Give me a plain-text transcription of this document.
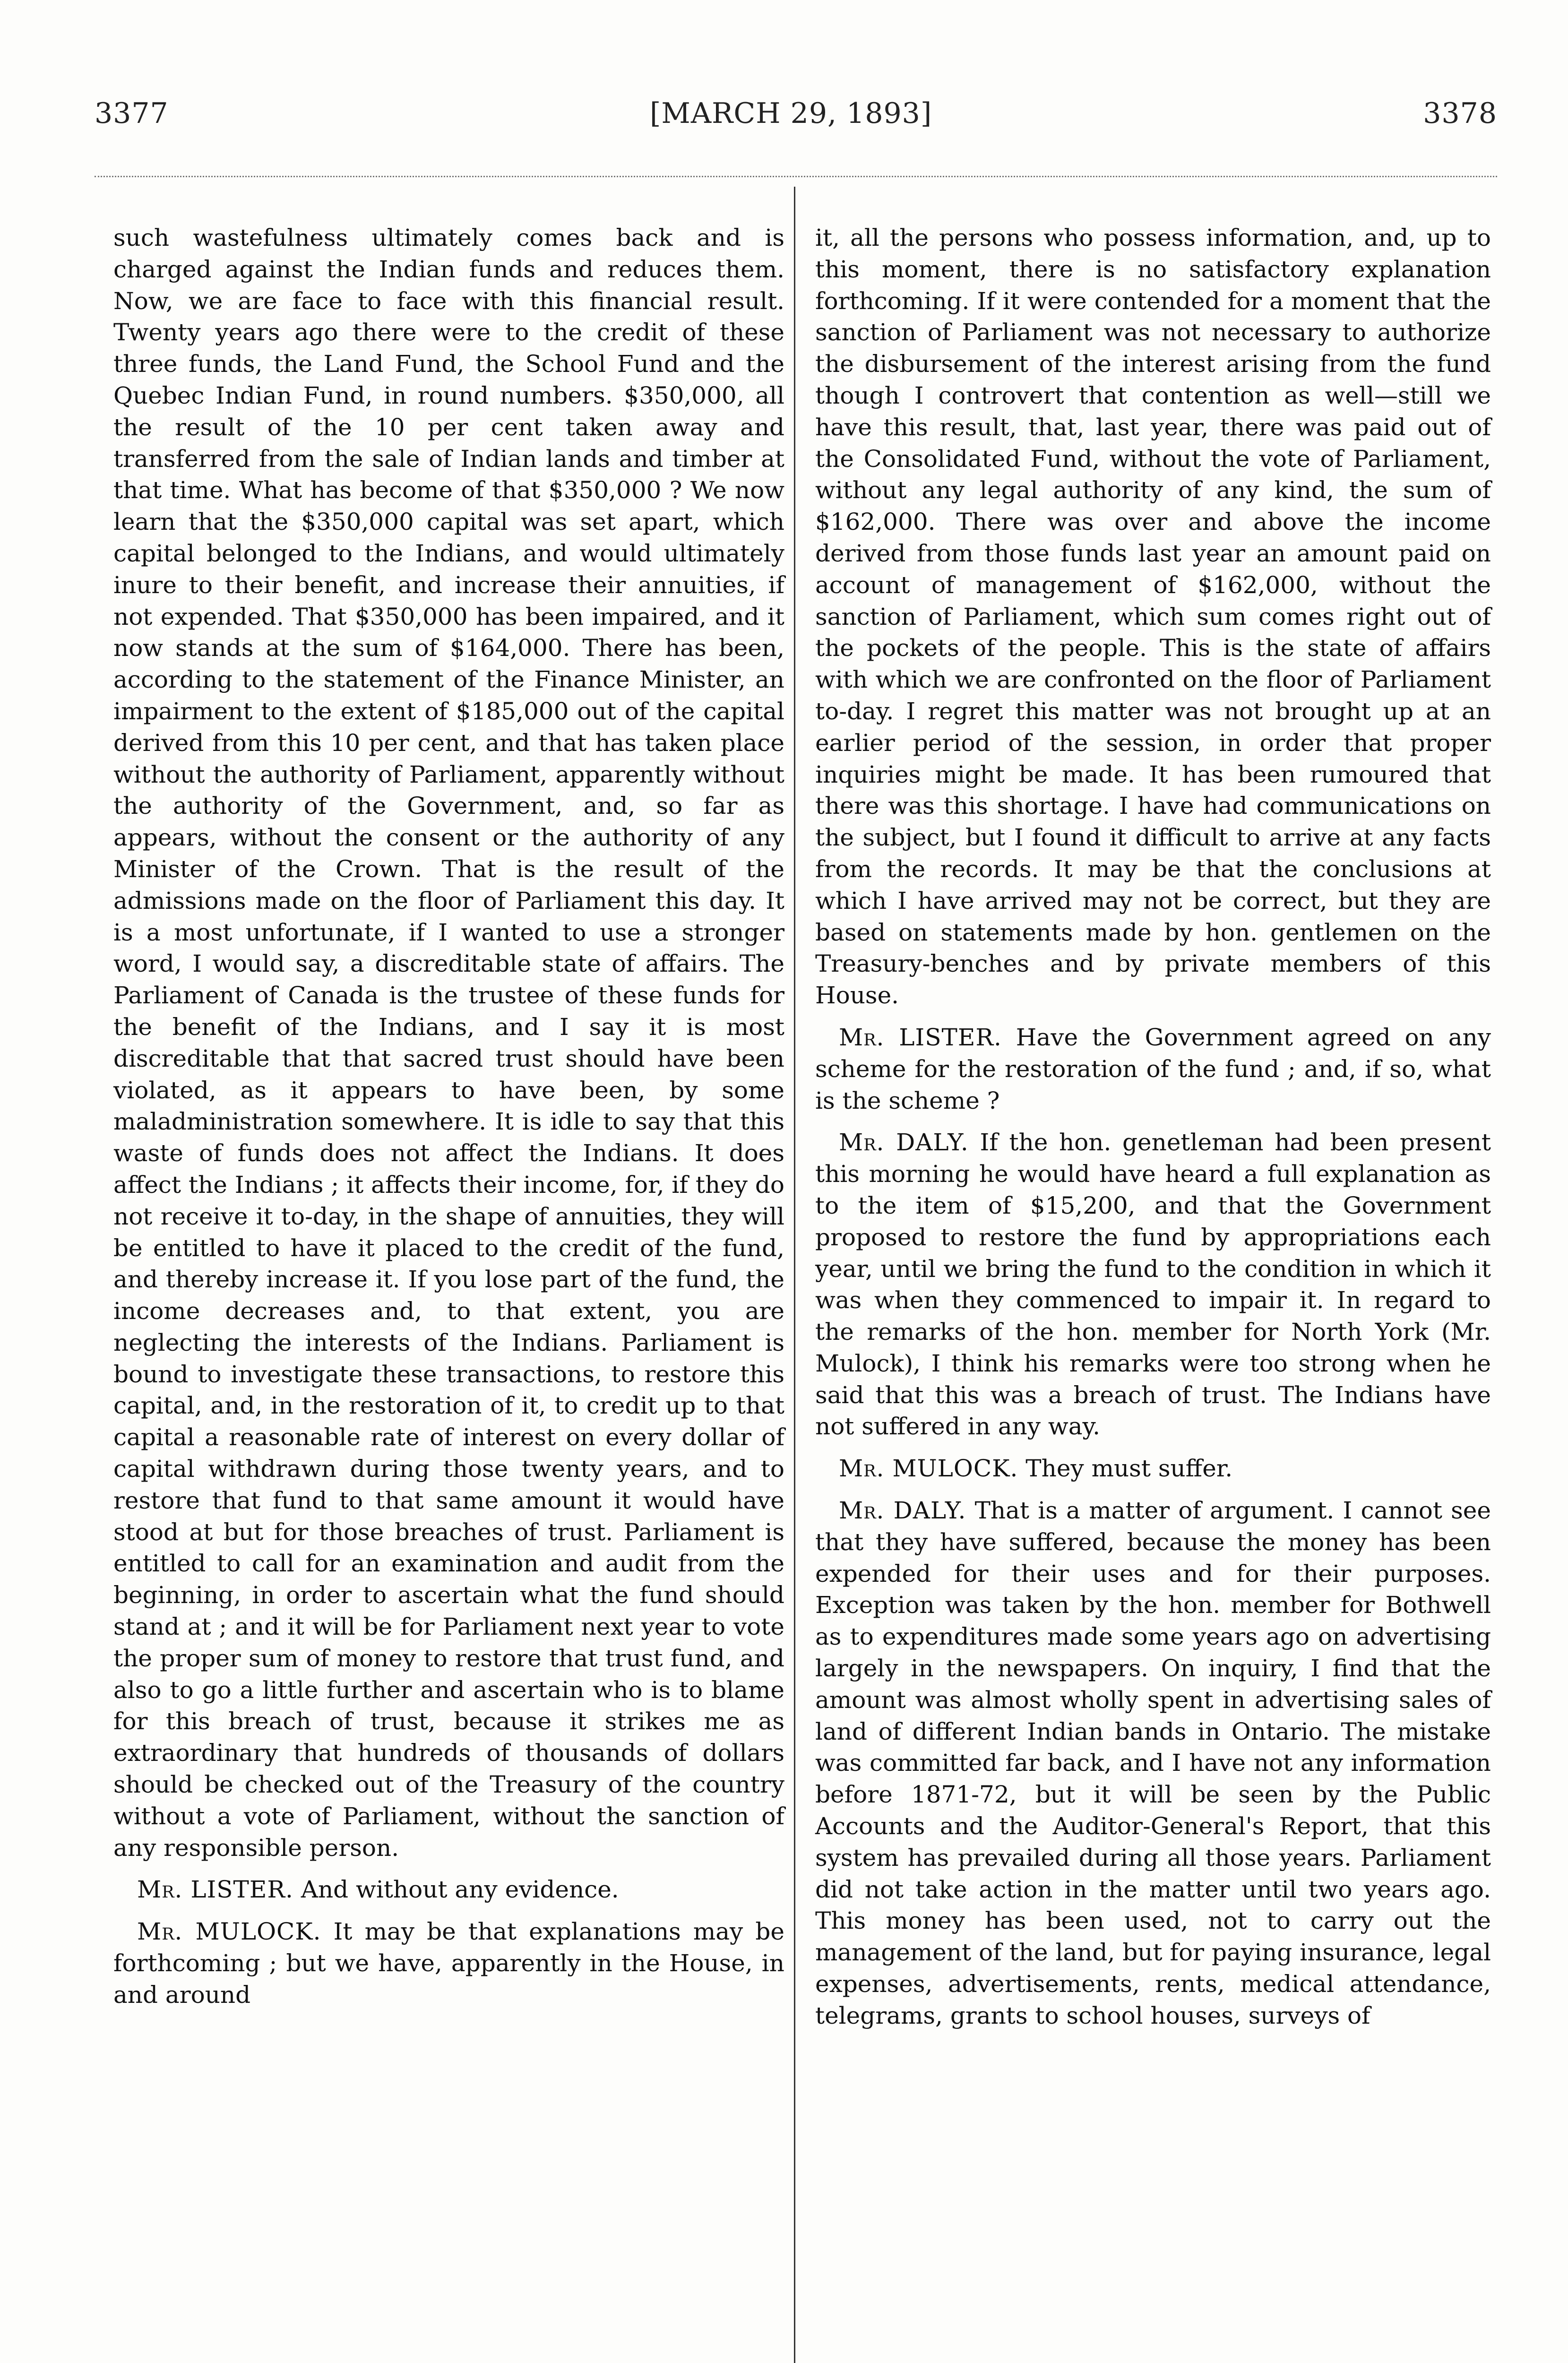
3377	[MARCH 29, 1893]	3378

such wastefulness ultimately comes back and is charged against the Indian funds and reduces them. Now, we are face to face with this financial result. Twenty years ago there were to the credit of these three funds, the Land Fund, the School Fund and the Quebec Indian Fund, in round numbers. $350,000, all the result of the 10 per cent taken away and transferred from the sale of Indian lands and timber at that time. What has become of that $350,000 ? We now learn that the $350,000 capital was set apart, which capital belonged to the Indians, and would ultimately inure to their benefit, and increase their annuities, if not expended. That $350,000 has been impaired, and it now stands at the sum of $164,000. There has been, according to the statement of the Finance Minister, an impairment to the extent of $185,000 out of the capital derived from this 10 per cent, and that has taken place without the authority of Parliament, apparently without the authority of the Government, and, so far as appears, without the consent or the authority of any Minister of the Crown. That is the result of the admissions made on the floor of Parliament this day. It is a most unfortunate, if I wanted to use a stronger word, I would say, a discreditable state of affairs. The Parliament of Canada is the trustee of these funds for the benefit of the Indians, and I say it is most discreditable that that sacred trust should have been violated, as it appears to have been, by some maladministration somewhere. It is idle to say that this waste of funds does not affect the Indians. It does affect the Indians ; it affects their income, for, if they do not receive it to-day, in the shape of annuities, they will be entitled to have it placed to the credit of the fund, and thereby increase it. If you lose part of the fund, the income decreases and, to that extent, you are neglecting the interests of the Indians. Parliament is bound to investigate these transactions, to restore this capital, and, in the restoration of it, to credit up to that capital a reasonable rate of interest on every dollar of capital withdrawn during those twenty years, and to restore that fund to that same amount it would have stood at but for those breaches of trust. Parliament is entitled to call for an examination and audit from the beginning, in order to ascertain what the fund should stand at ; and it will be for Parliament next year to vote the proper sum of money to restore that trust fund, and also to go a little further and ascertain who is to blame for this breach of trust, because it strikes me as extraordinary that hundreds of thousands of dollars should be checked out of the Treasury of the country without a vote of Parliament, without the sanction of any responsible person.

Mr. LISTER. And without any evidence.

Mr. MULOCK. It may be that explanations may be forthcoming ; but we have, apparently in the House, in and around

it, all the persons who possess information, and, up to this moment, there is no satisfactory explanation forthcoming. If it were contended for a moment that the sanction of Parliament was not necessary to authorize the disbursement of the interest arising from the fund though I controvert that contention as well—still we have this result, that, last year, there was paid out of the Consolidated Fund, without the vote of Parliament, without any legal authority of any kind, the sum of $162,000. There was over and above the income derived from those funds last year an amount paid on account of management of $162,000, without the sanction of Parliament, which sum comes right out of the pockets of the people. This is the state of affairs with which we are confronted on the floor of Parliament to-day. I regret this matter was not brought up at an earlier period of the session, in order that proper inquiries might be made. It has been rumoured that there was this shortage. I have had communications on the subject, but I found it difficult to arrive at any facts from the records. It may be that the conclusions at which I have arrived may not be correct, but they are based on statements made by hon. gentlemen on the Treasury-benches and by private members of this House.

Mr. LISTER. Have the Government agreed on any scheme for the restoration of the fund ; and, if so, what is the scheme ?

Mr. DALY. If the hon. genetleman had been present this morning he would have heard a full explanation as to the item of $15,200, and that the Government proposed to restore the fund by appropriations each year, until we bring the fund to the condition in which it was when they commenced to impair it. In regard to the remarks of the hon. member for North York (Mr. Mulock), I think his remarks were too strong when he said that this was a breach of trust. The Indians have not suffered in any way.

Mr. MULOCK. They must suffer.

Mr. DALY. That is a matter of argument. I cannot see that they have suffered, because the money has been expended for their uses and for their purposes. Exception was taken by the hon. member for Bothwell as to expenditures made some years ago on advertising largely in the newspapers. On inquiry, I find that the amount was almost wholly spent in advertising sales of land of different Indian bands in Ontario. The mistake was committed far back, and I have not any information before 1871-72, but it will be seen by the Public Accounts and the Auditor-General's Report, that this system has prevailed during all those years. Parliament did not take action in the matter until two years ago. This money has been used, not to carry out the management of the land, but for paying insurance, legal expenses, advertisements, rents, medical attendance, telegrams, grants to school houses, surveys of
